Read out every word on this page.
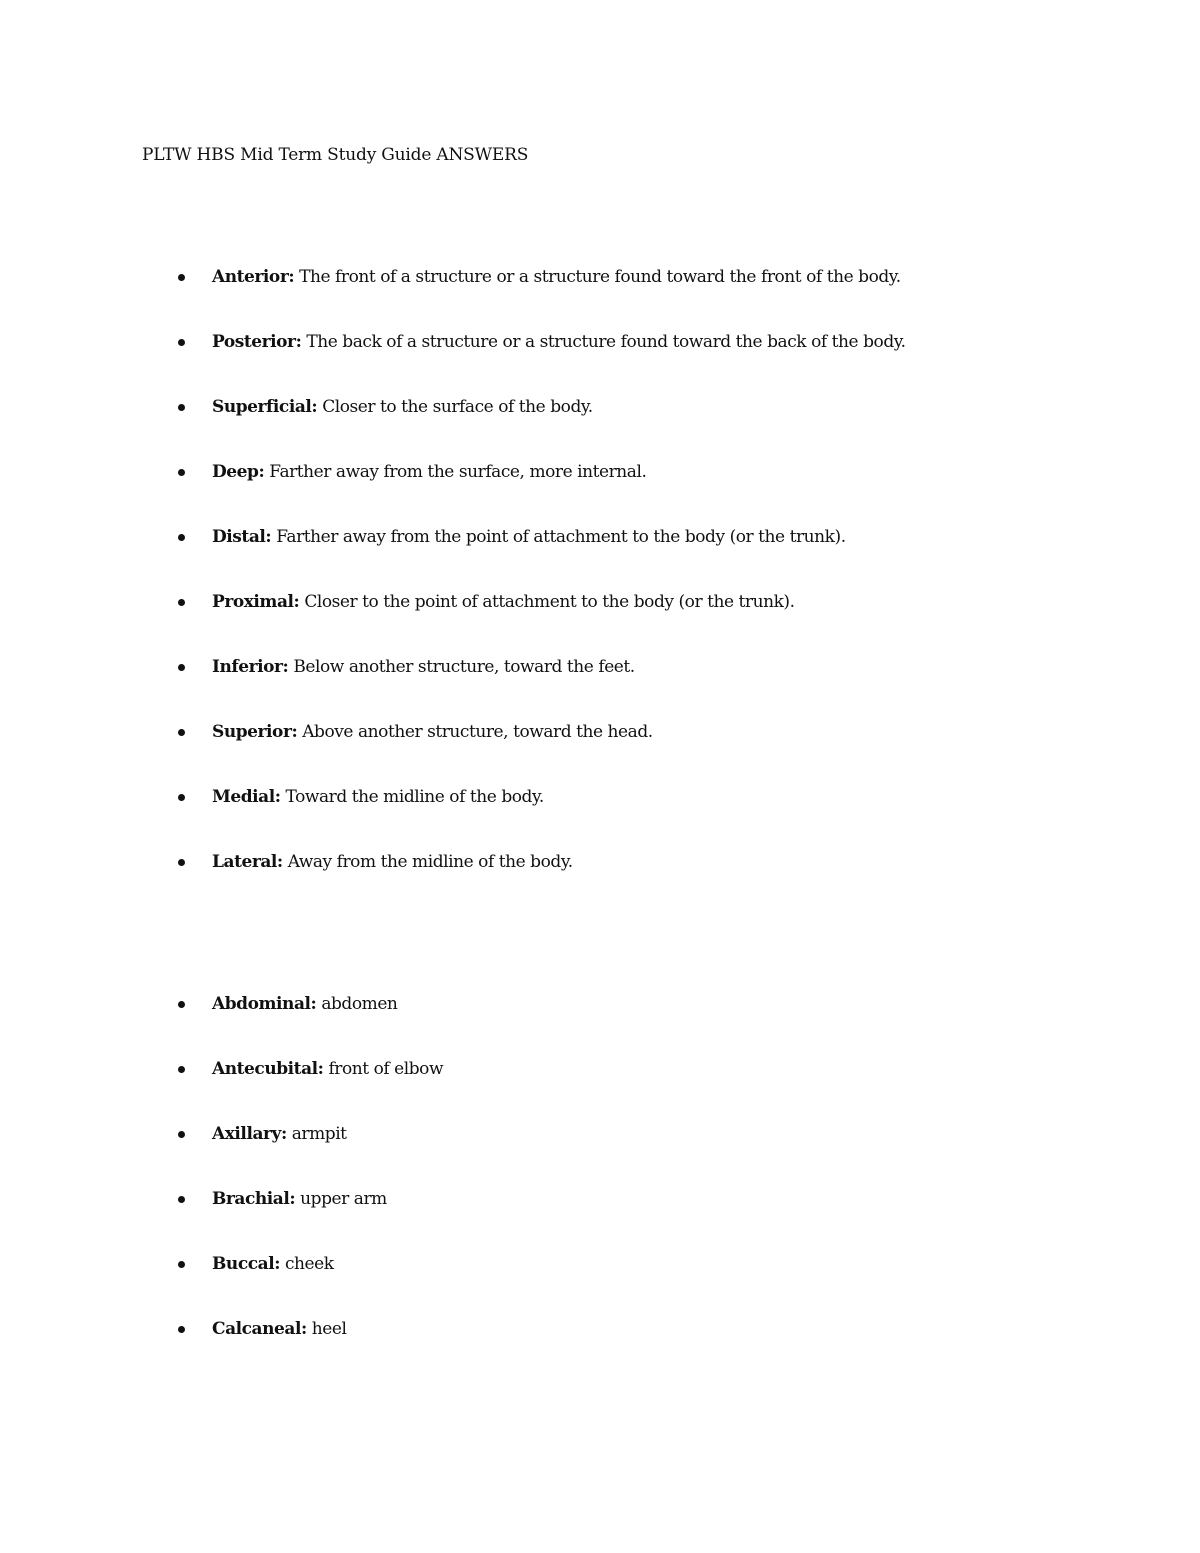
PLTW HBS Mid Term Study Guide ANSWERS
Anterior: The front of a structure or a structure found toward the front of the body.
Posterior: The back of a structure or a structure found toward the back of the body.
Superficial: Closer to the surface of the body.
Deep: Farther away from the surface, more internal.
Distal: Farther away from the point of attachment to the body (or the trunk).
Proximal: Closer to the point of attachment to the body (or the trunk).
Inferior: Below another structure, toward the feet.
Superior: Above another structure, toward the head.
Medial: Toward the midline of the body.
Lateral: Away from the midline of the body.
Abdominal: abdomen
Antecubital: front of elbow
Axillary: armpit
Brachial: upper arm
Buccal: cheek
Calcaneal: heel
